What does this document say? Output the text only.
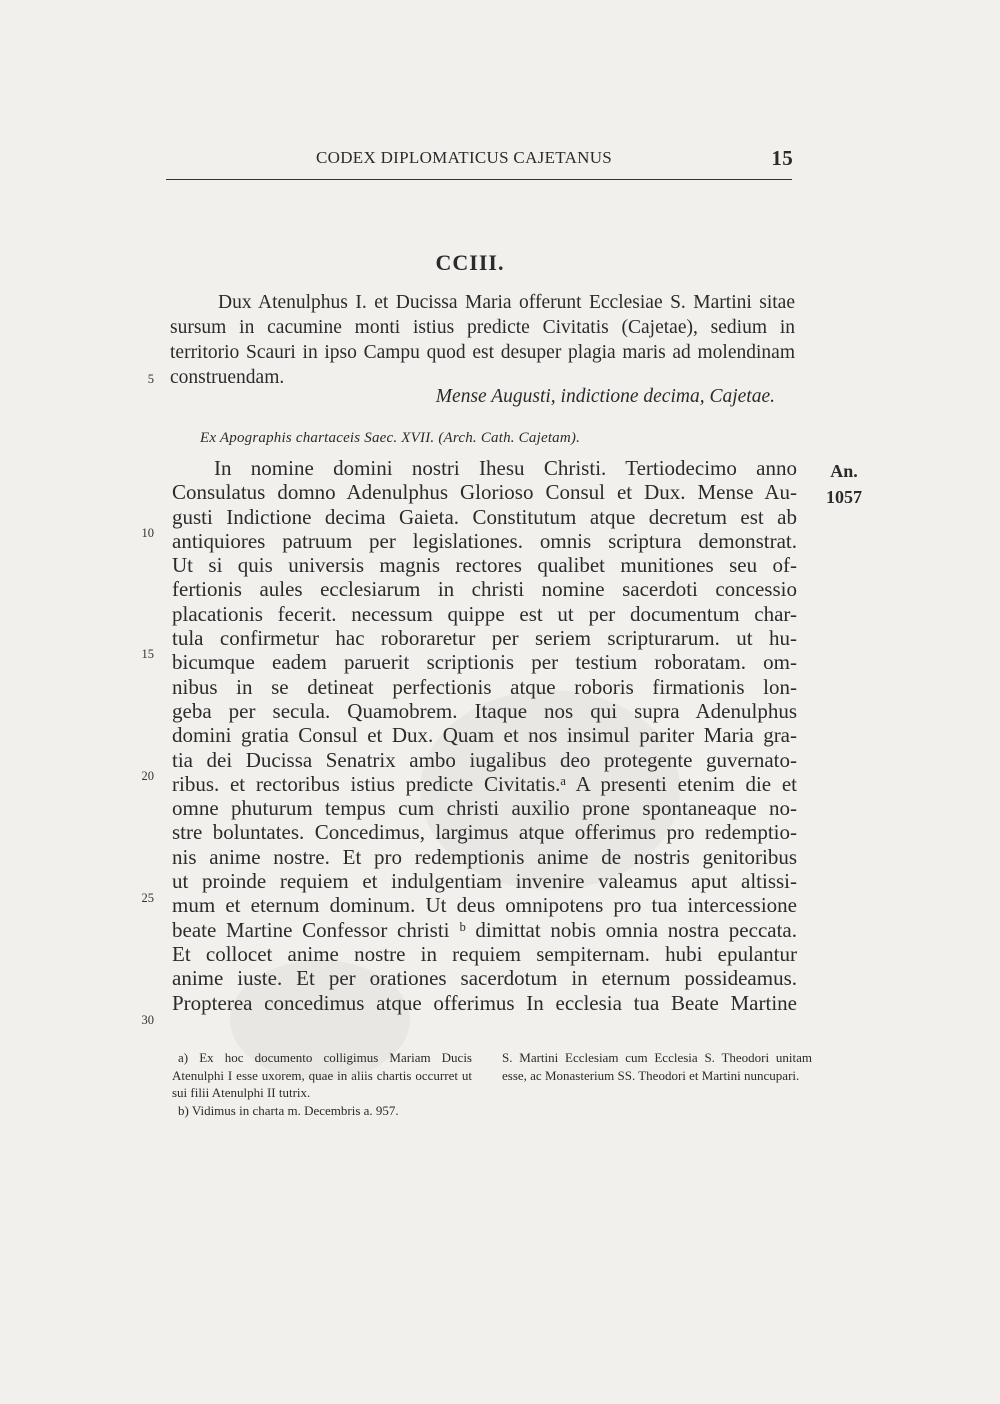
CODEX DIPLOMATICUS CAJETANUS	15
CCIII.

Dux Atenulphus I. et Ducissa Maria offerunt Ecclesiae S. Martini sitae sursum in cacumine monti istius predicte Civitatis (Cajetae), sedium in territorio Scauri in ipso Campu quod est desuper plagia maris ad molendinam construendam.

Mense Augusti, indictione decima, Cajetae.
Ex Apographis chartaceis Saec. XVII. (Arch. Cath. Cajetam).
An.
1057
In nomine domini nostri Ihesu Christi. Tertiodecimo anno
Consulatus domno Adenulphus Glorioso Consul et Dux. Mense Au-
gusti Indictione decima Gaieta. Constitutum atque decretum est ab
antiquiores patruum per legislationes. omnis scriptura demonstrat.
Ut si quis universis magnis rectores qualibet munitiones seu of-
fertionis aules ecclesiarum in christi nomine sacerdoti concessio
placationis fecerit. necessum quippe est ut per documentum char-
tula confirmetur hac roboraretur per seriem scripturarum. ut hu-
bicumque eadem paruerit scriptionis per testium roboratam. om-
nibus in se detineat perfectionis atque roboris firmationis lon-
geba per secula. Quamobrem. Itaque nos qui supra Adenulphus
domini gratia Consul et Dux. Quam et nos insimul pariter Maria gra-
tia dei Ducissa Senatrix ambo iugalibus deo protegente guvernato-
ribus. et rectoribus istius predicte Civitatis.ᵃ A presenti etenim die et
omne phuturum tempus cum christi auxilio prone spontaneaque no-
stre boluntates. Concedimus, largimus atque offerimus pro redemptio-
nis anime nostre. Et pro redemptionis anime de nostris genitoribus
ut proinde requiem et indulgentiam invenire valeamus aput altissi-
mum et eternum dominum. Ut deus omnipotens pro tua intercessione
beate Martine Confessor christi ᵇ dimittat nobis omnia nostra peccata.
Et collocet anime nostre in requiem sempiternam. hubi epulantur
anime iuste. Et per orationes sacerdotum in eternum possideamus.
Propterea concedimus atque offerimus In ecclesia tua Beate Martine
5
10
15
20
25
30

a) Ex hoc documento colligimus Mariam Ducis Atenulphi I esse uxorem, quae in aliis chartis occurret ut sui filii Atenulphi II tutrix.

b) Vidimus in charta m. Decembris a. 957.

S. Martini Ecclesiam cum Ecclesia S. Theodori unitam esse, ac Monasterium SS. Theodori et Martini nuncupari.
